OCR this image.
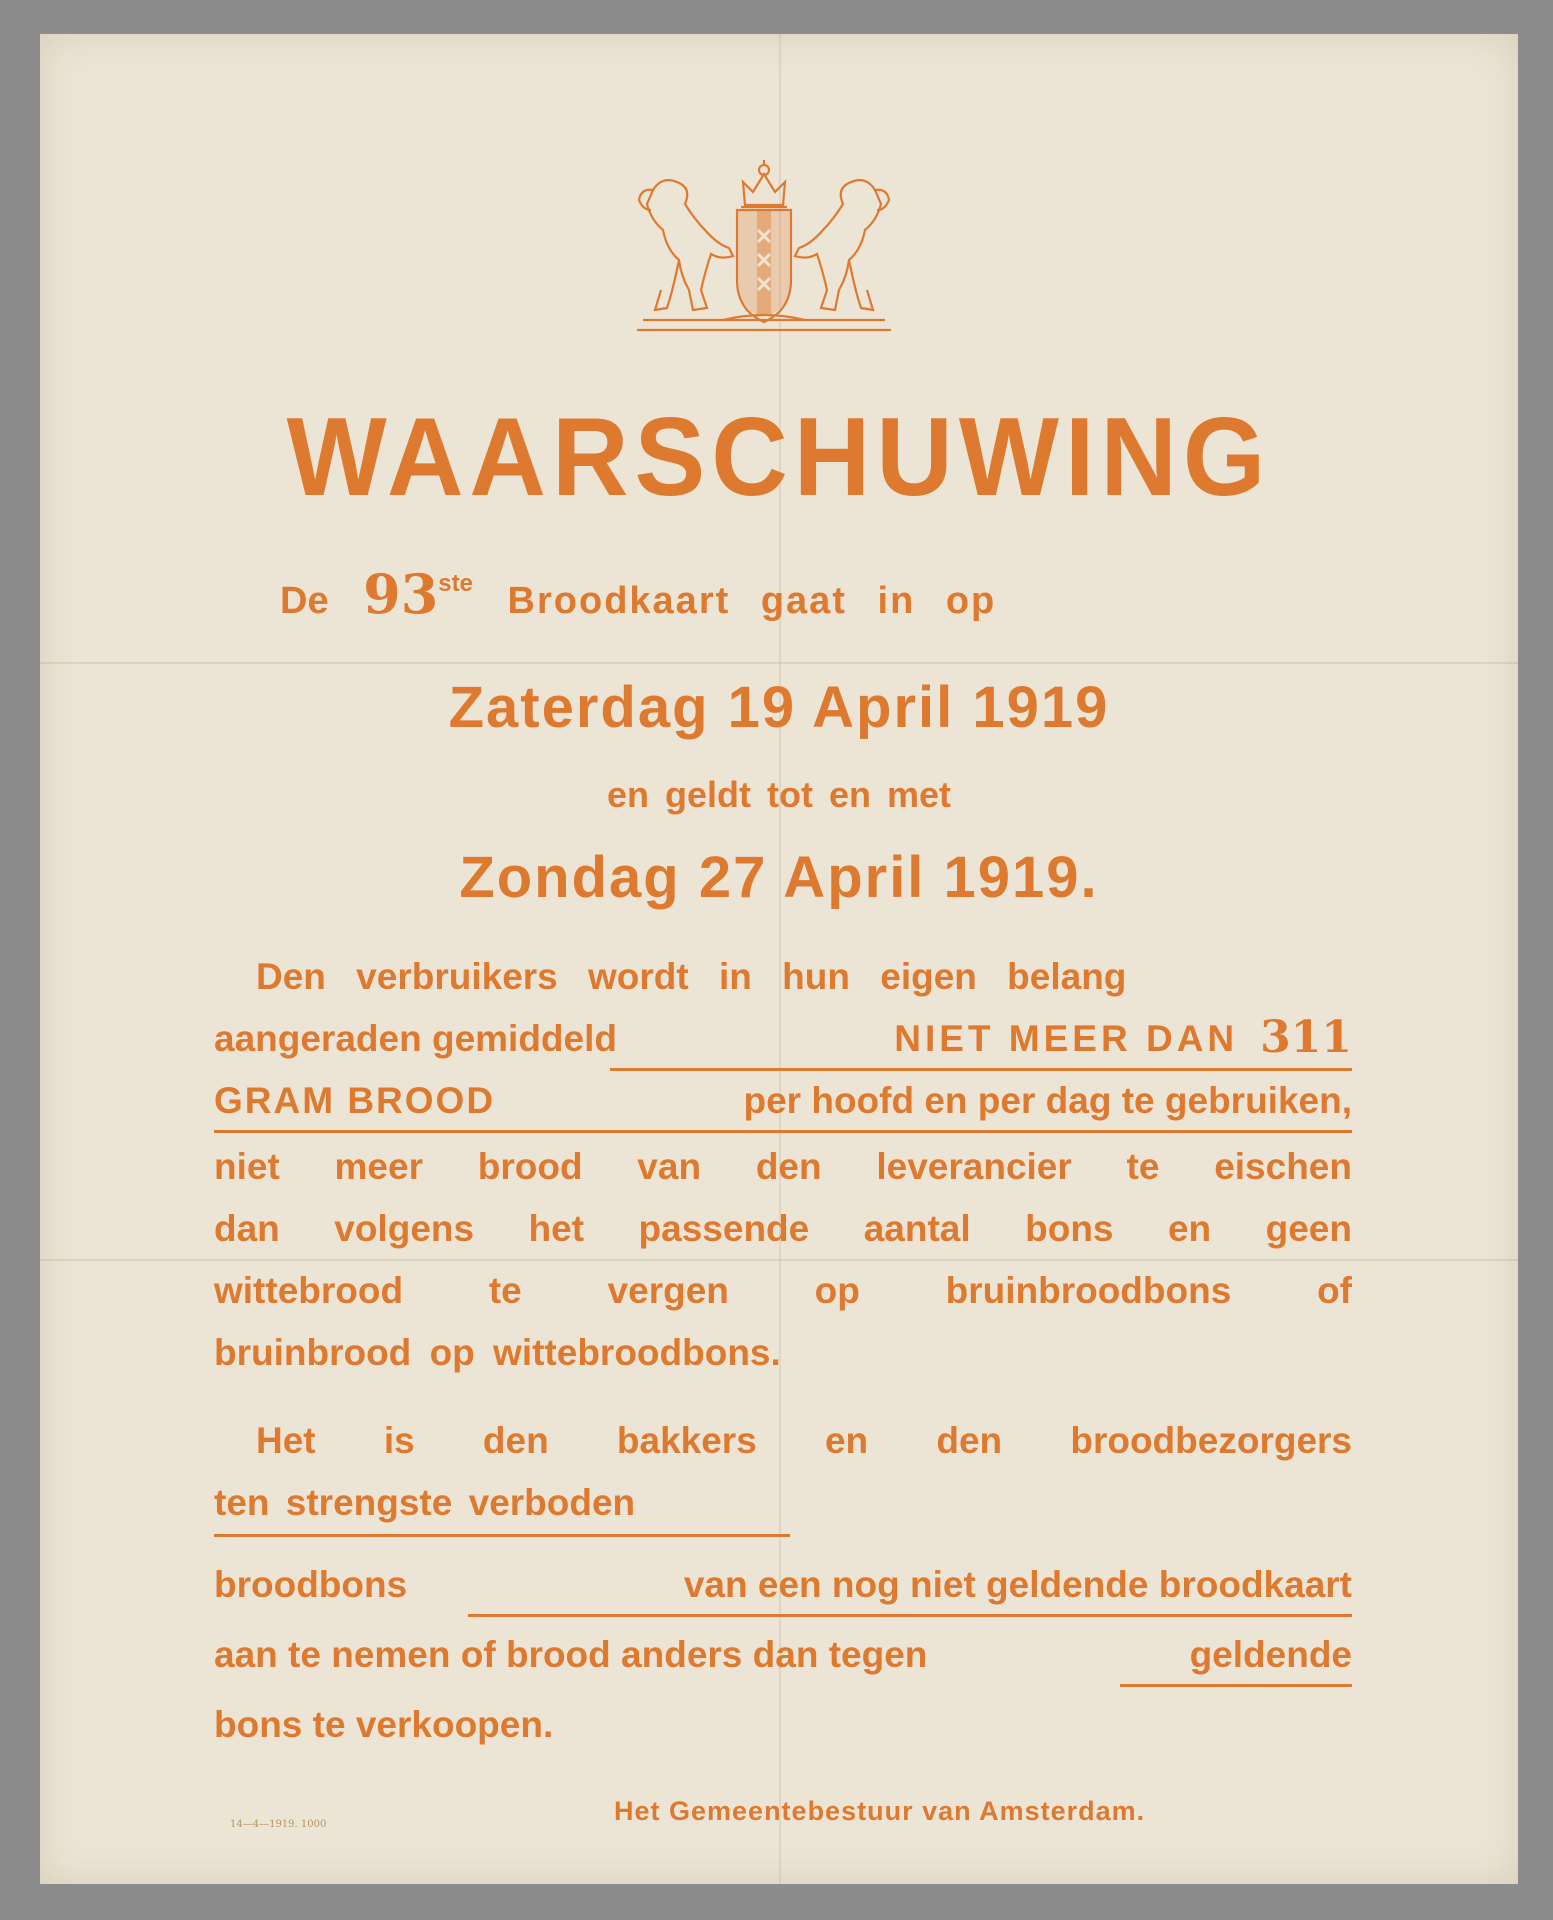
WAARSCHUWING
De 93ste Broodkaart gaat in op
Zaterdag 19 April 1919
en geldt tot en met
Zondag 27 April 1919.
Den verbruikers wordt in hun eigen belang
aangeraden gemiddeld	NIET MEER DAN 311
GRAM BROOD	per hoofd en per dag te gebruiken,
niet meer brood van den leverancier te eischen
dan volgens het passende aantal bons en geen
wittebrood te vergen op bruinbroodbons of
bruinbrood op wittebroodbons.
Het is den bakkers en den broodbezorgers
ten strengste verboden
broodbons	van een nog niet geldende broodkaart
aan te nemen of brood anders dan tegen	geldende
bons te verkoopen.
Het Gemeentebestuur van Amsterdam.
14—4—1919. 1000
